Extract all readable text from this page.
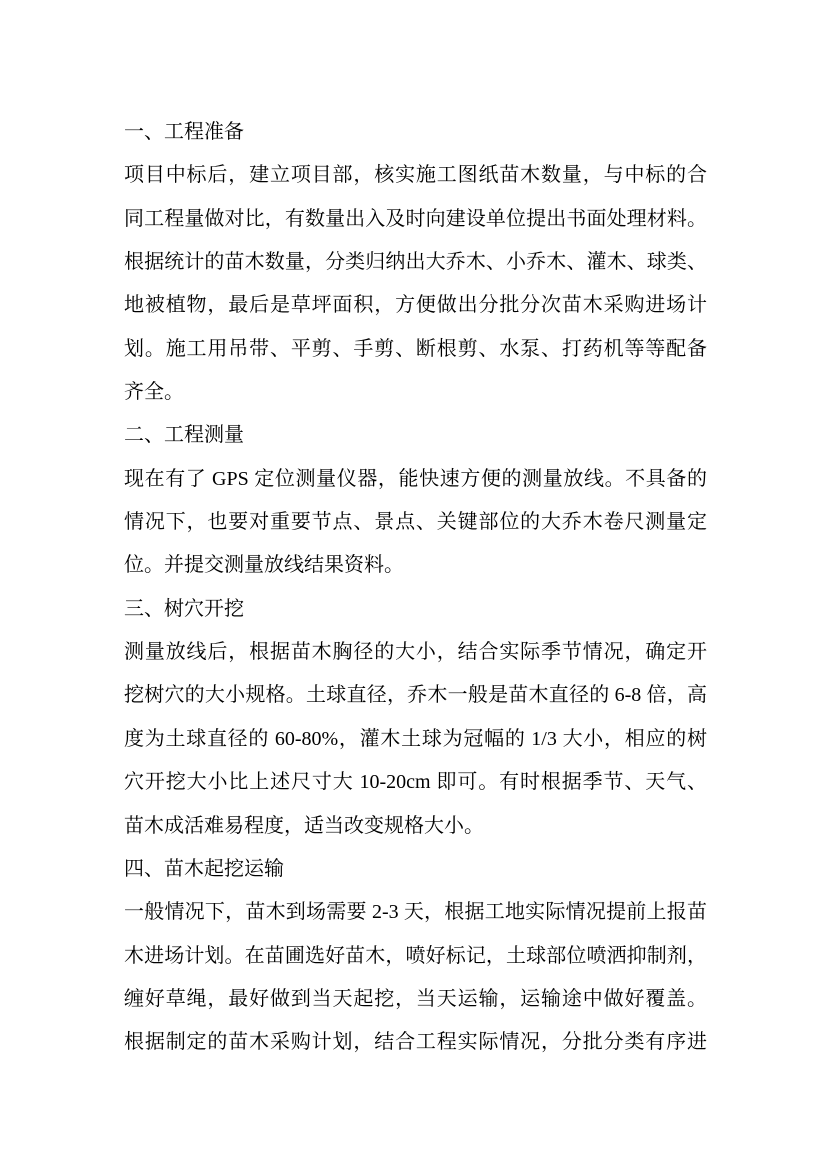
一、工程准备
项目中标后，建立项目部，核实施工图纸苗木数量，与中标的合
同工程量做对比，有数量出入及时向建设单位提出书面处理材料。
根据统计的苗木数量，分类归纳出大乔木、小乔木、灌木、球类、
地被植物，最后是草坪面积，方便做出分批分次苗木采购进场计
划。施工用吊带、平剪、手剪、断根剪、水泵、打药机等等配备
齐全。
二、工程测量
现在有了 GPS 定位测量仪器，能快速方便的测量放线。不具备的
情况下，也要对重要节点、景点、关键部位的大乔木卷尺测量定
位。并提交测量放线结果资料。
三、树穴开挖
测量放线后，根据苗木胸径的大小，结合实际季节情况，确定开
挖树穴的大小规格。土球直径，乔木一般是苗木直径的 6-8 倍，高
度为土球直径的 60-80%，灌木土球为冠幅的 1/3 大小，相应的树
穴开挖大小比上述尺寸大 10-20cm 即可。有时根据季节、天气、
苗木成活难易程度，适当改变规格大小。
四、苗木起挖运输
一般情况下，苗木到场需要 2-3 天，根据工地实际情况提前上报苗
木进场计划。在苗圃选好苗木，喷好标记，土球部位喷洒抑制剂，
缠好草绳，最好做到当天起挖，当天运输，运输途中做好覆盖。
根据制定的苗木采购计划，结合工程实际情况，分批分类有序进
